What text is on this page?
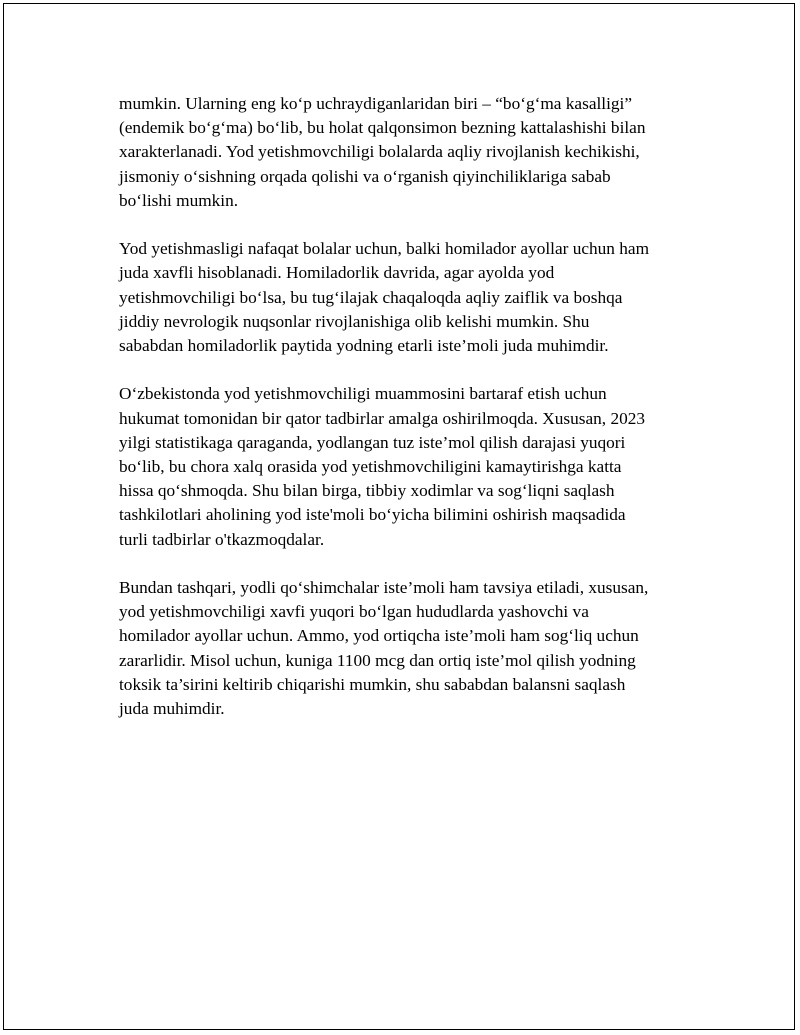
mumkin. Ularning eng ko‘p uchraydiganlaridan biri – “bo‘g‘ma kasalligi”
(endemik bo‘g‘ma) bo‘lib, bu holat qalqonsimon bezning kattalashishi bilan
xarakterlanadi. Yod yetishmovchiligi bolalarda aqliy rivojlanish kechikishi,
jismoniy o‘sishning orqada qolishi va o‘rganish qiyinchiliklariga sabab
bo‘lishi mumkin.

Yod yetishmasligi nafaqat bolalar uchun, balki homilador ayollar uchun ham
juda xavfli hisoblanadi. Homiladorlik davrida, agar ayolda yod
yetishmovchiligi bo‘lsa, bu tug‘ilajak chaqaloqda aqliy zaiflik va boshqa
jiddiy nevrologik nuqsonlar rivojlanishiga olib kelishi mumkin. Shu
sababdan homiladorlik paytida yodning etarli iste’moli juda muhimdir.

O‘zbekistonda yod yetishmovchiligi muammosini bartaraf etish uchun
hukumat tomonidan bir qator tadbirlar amalga oshirilmoqda. Xususan, 2023
yilgi statistikaga qaraganda, yodlangan tuz iste’mol qilish darajasi yuqori
bo‘lib, bu chora xalq orasida yod yetishmovchiligini kamaytirishga katta
hissa qo‘shmoqda. Shu bilan birga, tibbiy xodimlar va sog‘liqni saqlash
tashkilotlari aholining yod iste'moli bo‘yicha bilimini oshirish maqsadida
turli tadbirlar o'tkazmoqdalar.

Bundan tashqari, yodli qo‘shimchalar iste’moli ham tavsiya etiladi, xususan,
yod yetishmovchiligi xavfi yuqori bo‘lgan hududlarda yashovchi va
homilador ayollar uchun. Ammo, yod ortiqcha iste’moli ham sog‘liq uchun
zararlidir. Misol uchun, kuniga 1100 mcg dan ortiq iste’mol qilish yodning
toksik ta’sirini keltirib chiqarishi mumkin, shu sababdan balansni saqlash
juda muhimdir.
